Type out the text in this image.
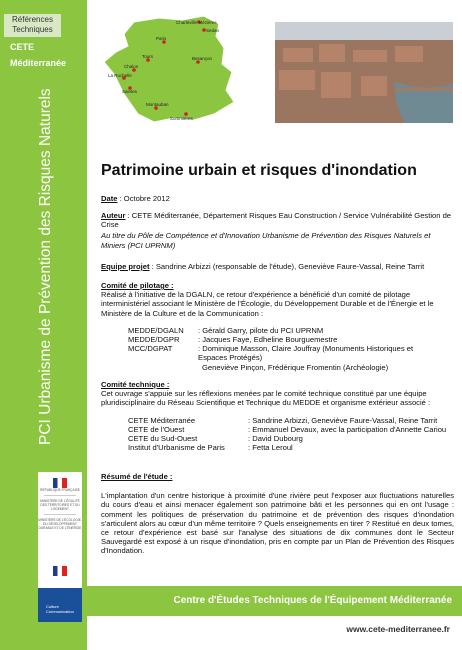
Références Techniques
CETE
Méditerranée
PCI Urbanisme de Prévention des Risques Naturels
RÉPUBLIQUE FRANÇAISE
MINISTÈRE DE L'ÉGALITÉ DES TERRITOIRES ET DU LOGEMENT
MINISTÈRE DE L'ÉCOLOGIE, DU DÉVELOPPEMENT DURABLE ET DE L'ÉNERGIE
Culture Communication
Charleville-Mézières
Sedan
Paris
Tours
Chalon
La Rochelle
Saintes
Besançon
Montauban
Sommières
Patrimoine urbain et risques d'inondation
Date : Octobre 2012
Auteur : CETE Méditerranée, Département Risques Eau Construction / Service Vulnérabilité Gestion de Crise
Au titre du Pôle de Compétence et d'Innovation Urbanisme de Prévention des Risques Naturels et Miniers (PCI UPRNM)
Equipe projet : Sandrine Arbizzi (responsable de l'étude), Geneviève Faure-Vassal, Reine Tarrit
Comité de pilotage :
Réalisé à l'initiative de la DGALN, ce retour d'expérience a bénéficié d'un comité de pilotage interministériel associant le Ministère de l'Écologie, du Développement Durable et de l'Énergie et le Ministère de la Culture et de la Communication :
MEDDE/DGALN	: Gérald Garry, pilote du PCI UPRNM
MEDDE/DGPR	: Jacques Faye, Edheline Bourguemestre
MCC/DGPAT	: Dominique Masson, Claire Jouffray (Monuments Historiques et Espaces Protégés)
Geneviève Pinçon, Frédérique Fromentin (Archéologie)
Comité technique :
Cet ouvrage s'appuie sur les réflexions menées par le comité technique constitué par une équipe pluridisciplinaire du Réseau Scientifique et Technique du MEDDE et organisme extérieur associé :
CETE Méditerranée	: Sandrine Arbizzi, Geneviève Faure-Vassal, Reine Tarrit
CETE de l'Ouest	: Emmanuel Devaux, avec la participation d'Annette Cariou
CETE du Sud-Ouest	: David Dubourg
Institut d'Urbanisme de Paris	: Fetta Leroul
Résumé de l'étude :
L'implantation d'un centre historique à proximité d'une rivière peut l'exposer aux fluctuations naturelles du cours d'eau et ainsi menacer également son patrimoine bâti et les personnes qui en ont l'usage : comment les politiques de préservation du patrimoine et de prévention des risques d'inondation s'articulent alors au cœur d'un même territoire ? Quels enseignements en tirer ? Restitué en deux tomes, ce retour d'expérience est basé sur l'analyse des situations de dix communes dont le Secteur Sauvegardé est exposé à un risque d'inondation, pris en compte par un Plan de Prévention des Risques d'Inondation.
Centre d'Études Techniques de l'Équipement Méditerranée
www.cete-mediterranee.fr
